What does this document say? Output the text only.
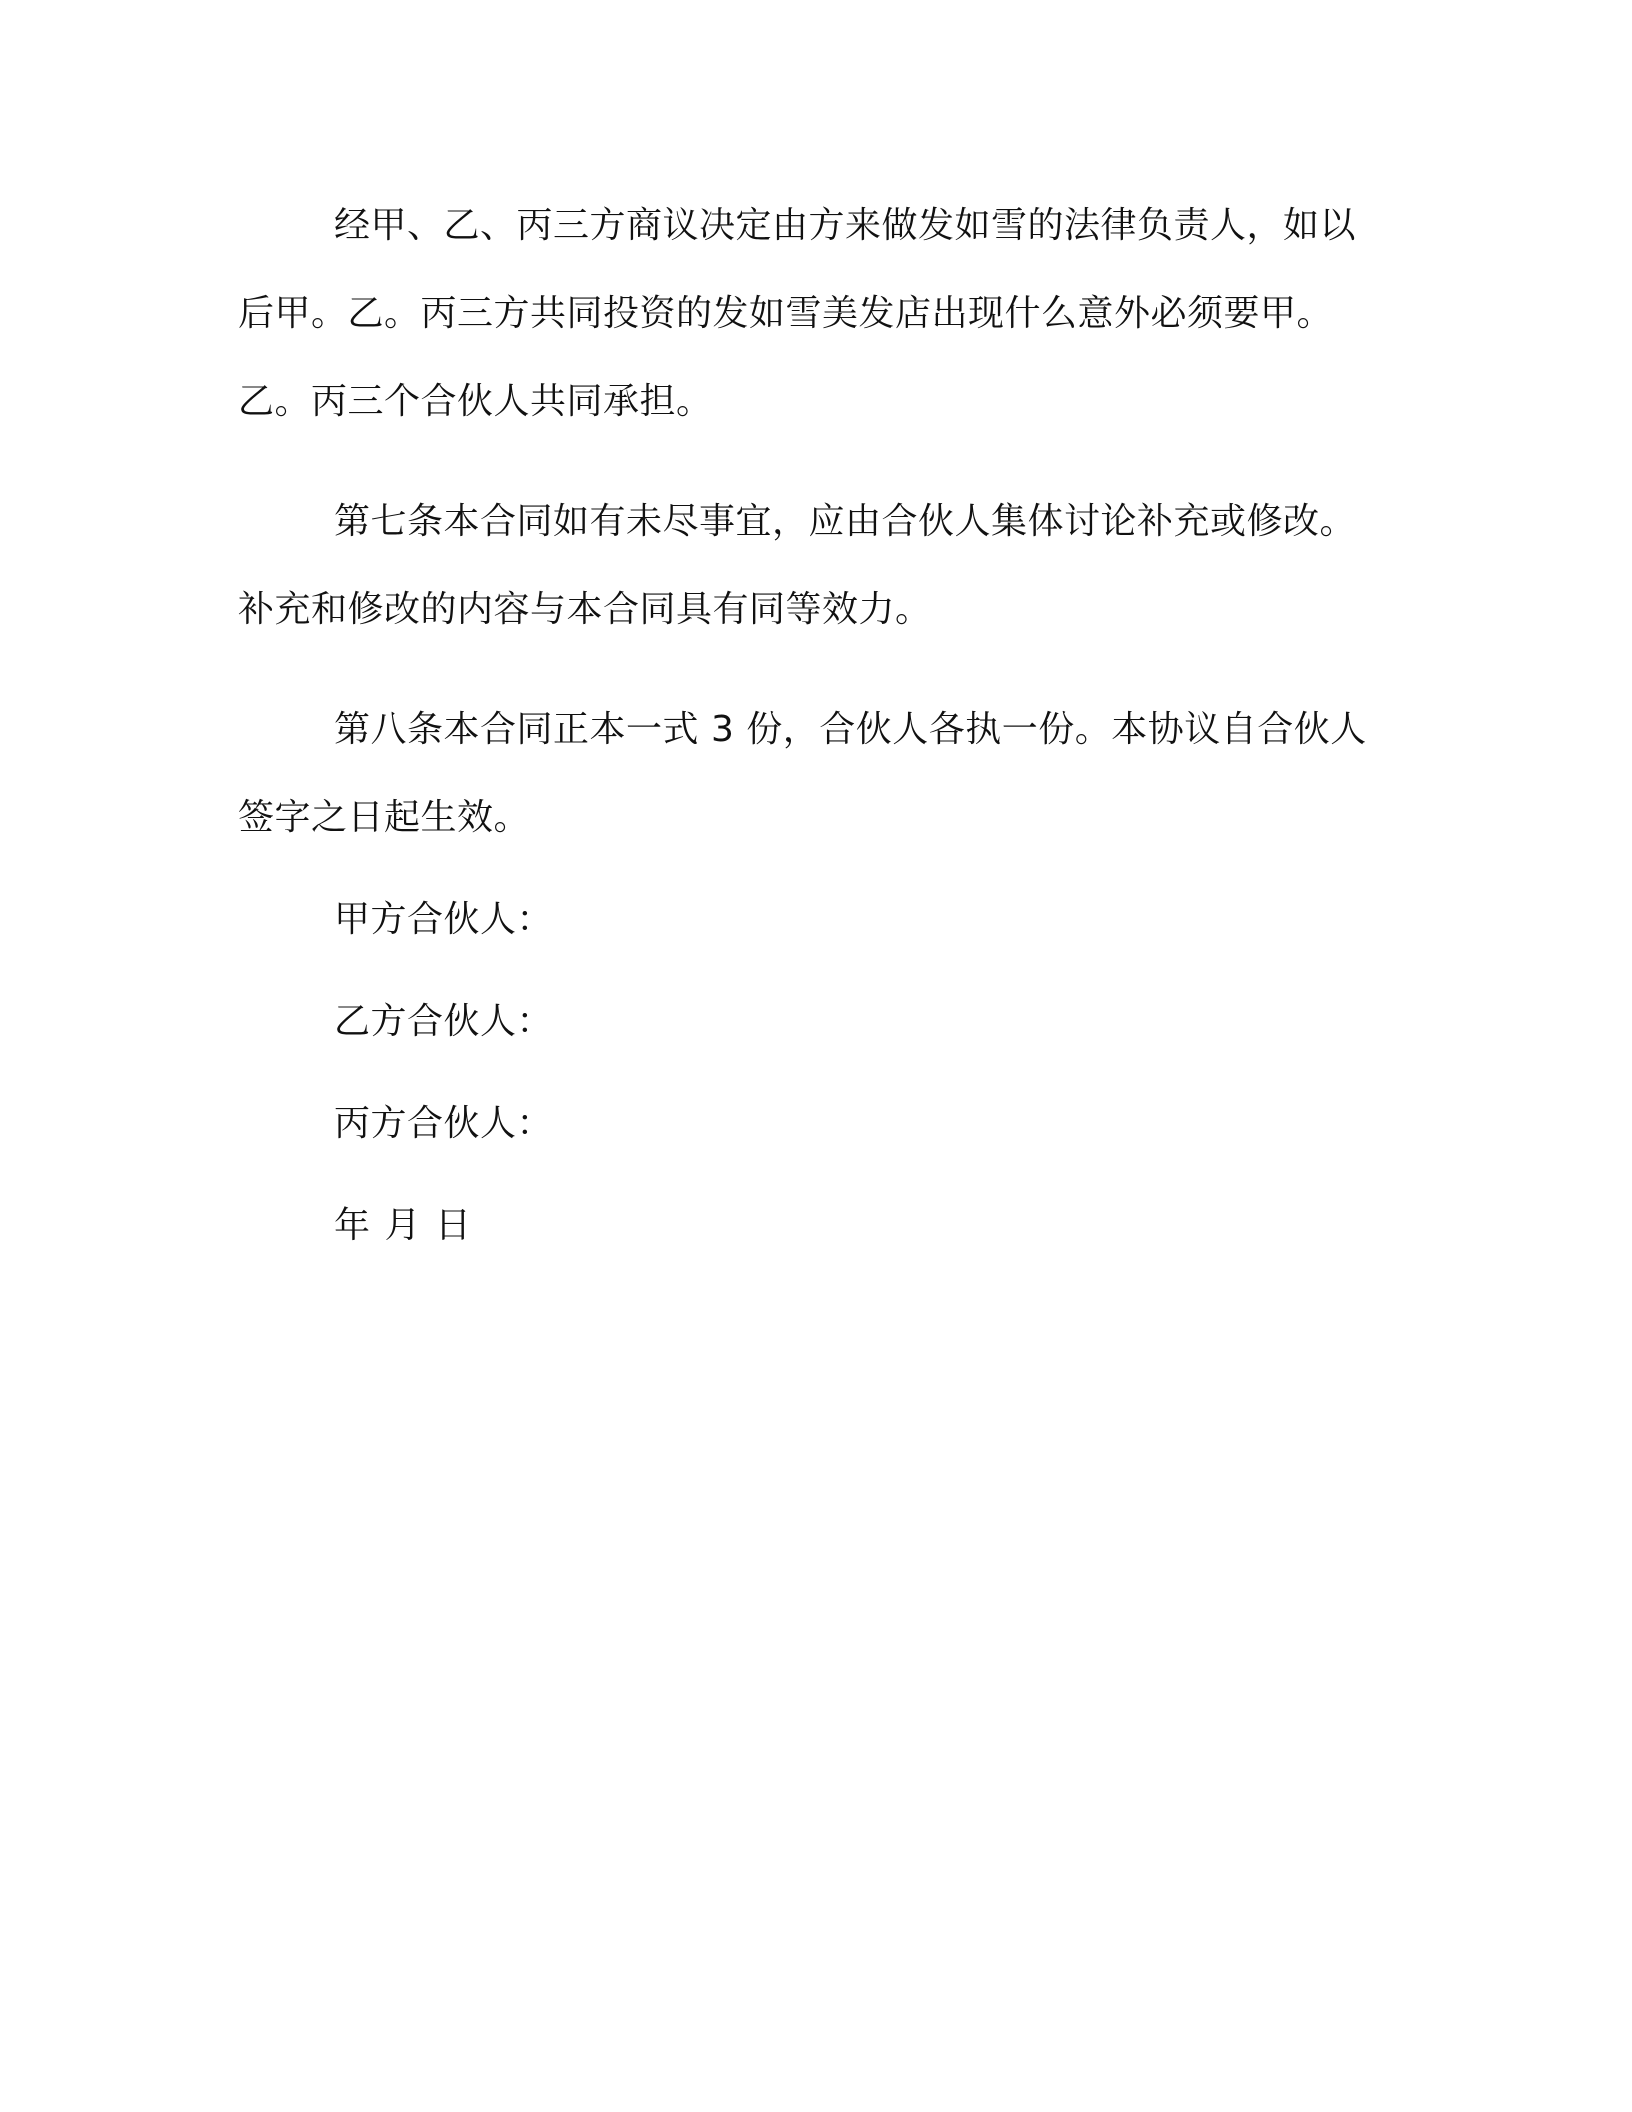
经甲、乙、丙三方商议决定由方来做发如雪的法律负责人，如以后甲。乙。丙三方共同投资的发如雪美发店出现什么意外必须要甲。乙。丙三个合伙人共同承担。

第七条本合同如有未尽事宜，应由合伙人集体讨论补充或修改。补充和修改的内容与本合同具有同等效力。

第八条本合同正本一式 3 份，合伙人各执一份。本协议自合伙人签字之日起生效。

甲方合伙人：
乙方合伙人：
丙方合伙人：
年 月 日
